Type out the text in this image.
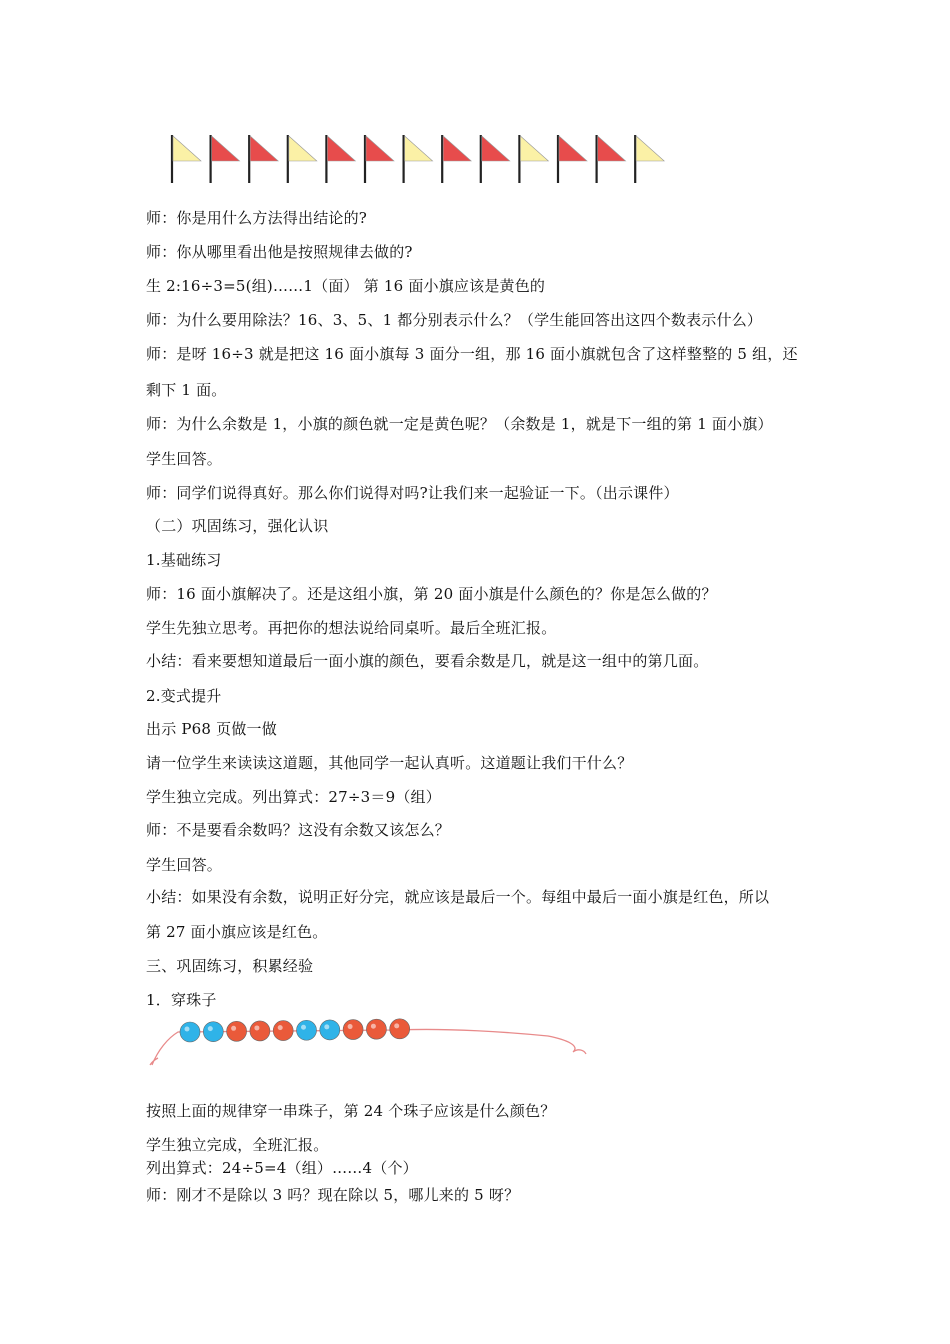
师：你是用什么方法得出结论的?
师：你从哪里看出他是按照规律去做的?
生 2:16÷3=5(组)……1（面） 第 16 面小旗应该是黄色的
师：为什么要用除法？16、3、5、1 都分别表示什么？（学生能回答出这四个数表示什么）
师：是呀 16÷3 就是把这 16 面小旗每 3 面分一组，那 16 面小旗就包含了这样整整的 5 组，还
剩下 1 面。
师：为什么余数是 1，小旗的颜色就一定是黄色呢？（余数是 1，就是下一组的第 1 面小旗）
学生回答。
师：同学们说得真好。那么你们说得对吗?让我们来一起验证一下。（出示课件）
（二）巩固练习，强化认识
1.基础练习
师：16 面小旗解决了。还是这组小旗，第 20 面小旗是什么颜色的？你是怎么做的？
学生先独立思考。再把你的想法说给同桌听。最后全班汇报。
小结：看来要想知道最后一面小旗的颜色，要看余数是几，就是这一组中的第几面。
2.变式提升
出示 P68 页做一做
请一位学生来读读这道题，其他同学一起认真听。这道题让我们干什么？
学生独立完成。列出算式：27÷3＝9（组）
师：不是要看余数吗？这没有余数又该怎么？
学生回答。
小结：如果没有余数，说明正好分完，就应该是最后一个。每组中最后一面小旗是红色，所以
第 27 面小旗应该是红色。
三、巩固练习，积累经验
1．穿珠子
按照上面的规律穿一串珠子，第 24 个珠子应该是什么颜色？
学生独立完成，全班汇报。
列出算式：24÷5=4（组）……4（个）
师：刚才不是除以 3 吗？现在除以 5，哪儿来的 5 呀？
